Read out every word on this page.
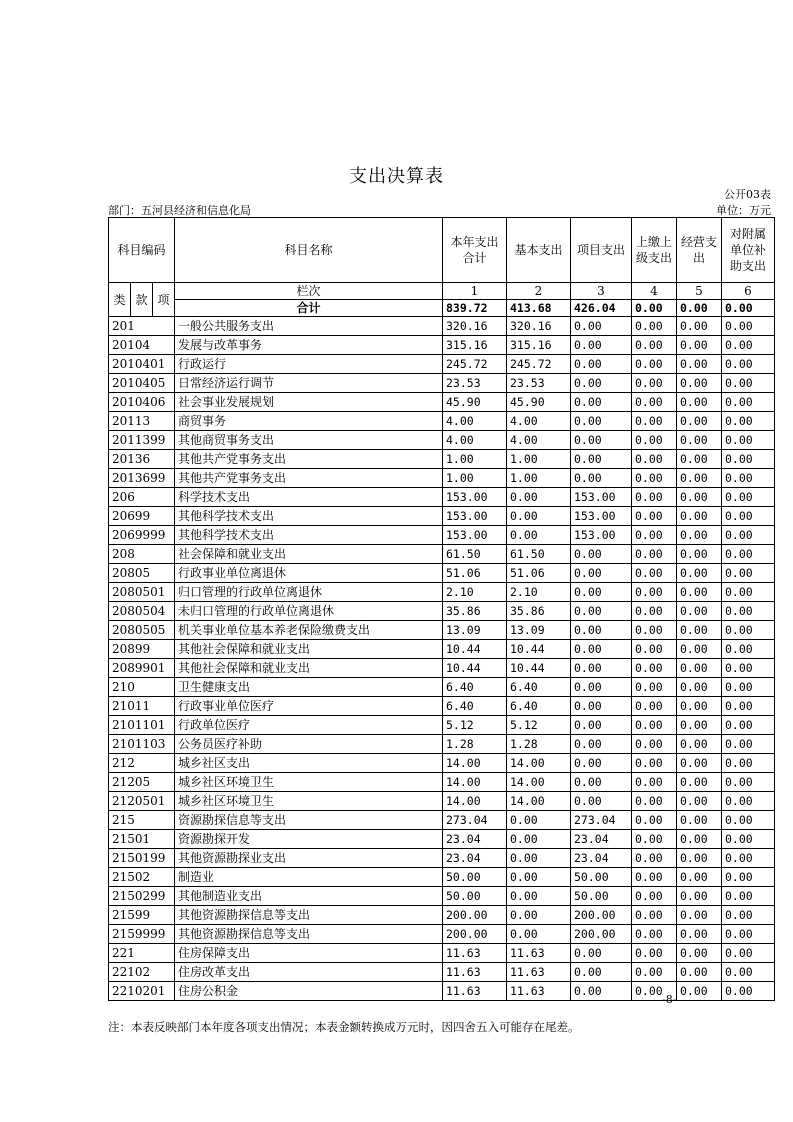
支出决算表
公开03表
部门：五河县经济和信息化局	单位：万元
科目编码			科目名称	本年支出合计	基本支出	项目支出	上缴上级支出	经营支出	对附属单位补助支出
类	款	项	栏次	1	2	3	4	5	6
			合计	839.72	413.68	426.04	0.00	0.00	0.00
201			一般公共服务支出	320.16	320.16	0.00	0.00	0.00	0.00
20104			发展与改革事务	315.16	315.16	0.00	0.00	0.00	0.00
2010401			行政运行	245.72	245.72	0.00	0.00	0.00	0.00
2010405			日常经济运行调节	23.53	23.53	0.00	0.00	0.00	0.00
2010406			社会事业发展规划	45.90	45.90	0.00	0.00	0.00	0.00
20113			商贸事务	4.00	4.00	0.00	0.00	0.00	0.00
2011399			其他商贸事务支出	4.00	4.00	0.00	0.00	0.00	0.00
20136			其他共产党事务支出	1.00	1.00	0.00	0.00	0.00	0.00
2013699			其他共产党事务支出	1.00	1.00	0.00	0.00	0.00	0.00
206			科学技术支出	153.00	0.00	153.00	0.00	0.00	0.00
20699			其他科学技术支出	153.00	0.00	153.00	0.00	0.00	0.00
2069999			其他科学技术支出	153.00	0.00	153.00	0.00	0.00	0.00
208			社会保障和就业支出	61.50	61.50	0.00	0.00	0.00	0.00
20805			行政事业单位离退休	51.06	51.06	0.00	0.00	0.00	0.00
2080501			归口管理的行政单位离退休	2.10	2.10	0.00	0.00	0.00	0.00
2080504			未归口管理的行政单位离退休	35.86	35.86	0.00	0.00	0.00	0.00
2080505			机关事业单位基本养老保险缴费支出	13.09	13.09	0.00	0.00	0.00	0.00
20899			其他社会保障和就业支出	10.44	10.44	0.00	0.00	0.00	0.00
2089901			其他社会保障和就业支出	10.44	10.44	0.00	0.00	0.00	0.00
210			卫生健康支出	6.40	6.40	0.00	0.00	0.00	0.00
21011			行政事业单位医疗	6.40	6.40	0.00	0.00	0.00	0.00
2101101			行政单位医疗	5.12	5.12	0.00	0.00	0.00	0.00
2101103			公务员医疗补助	1.28	1.28	0.00	0.00	0.00	0.00
212			城乡社区支出	14.00	14.00	0.00	0.00	0.00	0.00
21205			城乡社区环境卫生	14.00	14.00	0.00	0.00	0.00	0.00
2120501			城乡社区环境卫生	14.00	14.00	0.00	0.00	0.00	0.00
215			资源勘探信息等支出	273.04	0.00	273.04	0.00	0.00	0.00
21501			资源勘探开发	23.04	0.00	23.04	0.00	0.00	0.00
2150199			其他资源勘探业支出	23.04	0.00	23.04	0.00	0.00	0.00
21502			制造业	50.00	0.00	50.00	0.00	0.00	0.00
2150299			其他制造业支出	50.00	0.00	50.00	0.00	0.00	0.00
21599			其他资源勘探信息等支出	200.00	0.00	200.00	0.00	0.00	0.00
2159999			其他资源勘探信息等支出	200.00	0.00	200.00	0.00	0.00	0.00
221			住房保障支出	11.63	11.63	0.00	0.00	0.00	0.00
22102			住房改革支出	11.63	11.63	0.00	0.00	0.00	0.00
2210201			住房公积金	11.63	11.63	0.00	0.00	0.00	0.00
-8-
注：本表反映部门本年度各项支出情况；本表金额转换成万元时，因四舍五入可能存在尾差。
